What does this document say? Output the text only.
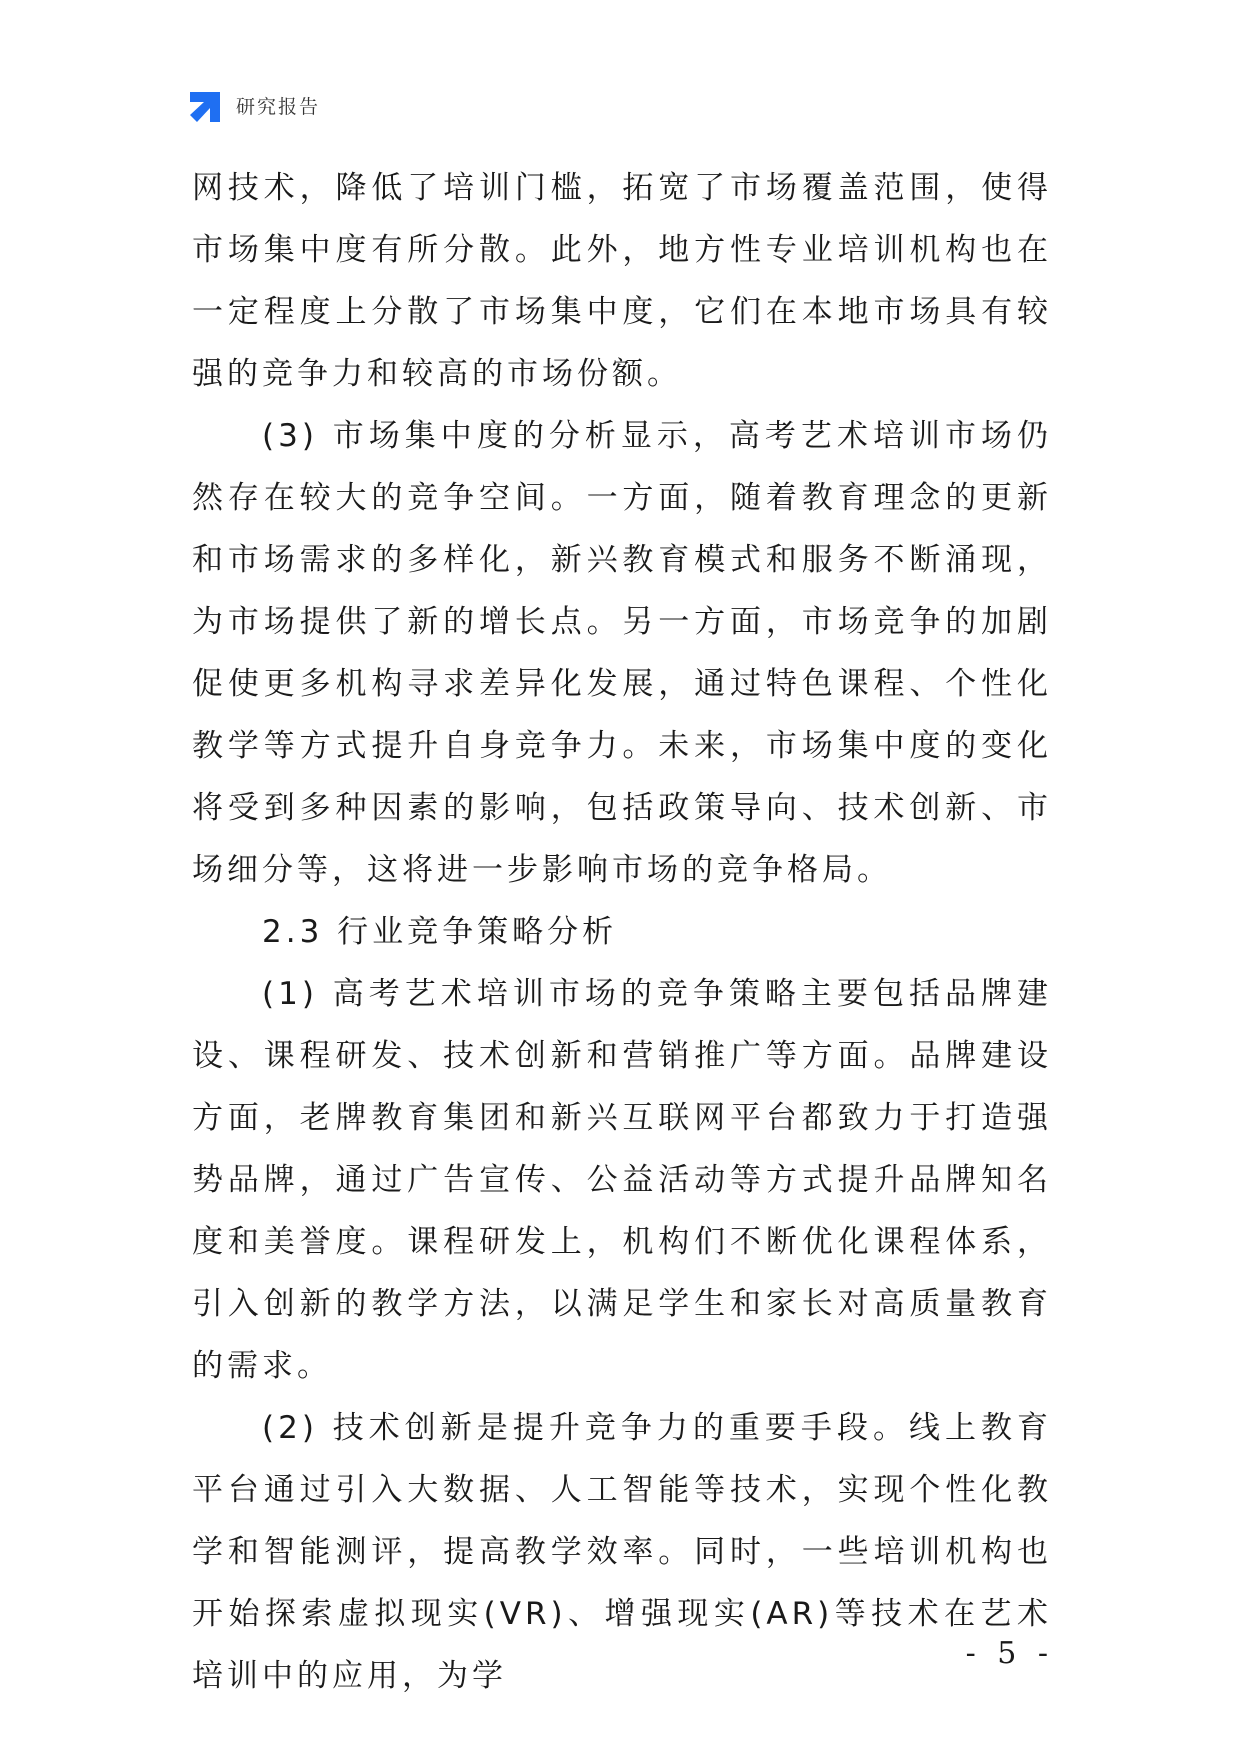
研究报告

网技术，降低了培训门槛，拓宽了市场覆盖范围，使得市场集中度有所分散。此外，地方性专业培训机构也在一定程度上分散了市场集中度，它们在本地市场具有较强的竞争力和较高的市场份额。

(3) 市场集中度的分析显示，高考艺术培训市场仍然存在较大的竞争空间。一方面，随着教育理念的更新和市场需求的多样化，新兴教育模式和服务不断涌现，为市场提供了新的增长点。另一方面，市场竞争的加剧促使更多机构寻求差异化发展，通过特色课程、个性化教学等方式提升自身竞争力。未来，市场集中度的变化将受到多种因素的影响，包括政策导向、技术创新、市场细分等，这将进一步影响市场的竞争格局。

2.3 行业竞争策略分析

(1) 高考艺术培训市场的竞争策略主要包括品牌建设、课程研发、技术创新和营销推广等方面。品牌建设方面，老牌教育集团和新兴互联网平台都致力于打造强势品牌，通过广告宣传、公益活动等方式提升品牌知名度和美誉度。课程研发上，机构们不断优化课程体系，引入创新的教学方法，以满足学生和家长对高质量教育的需求。

(2) 技术创新是提升竞争力的重要手段。线上教育平台通过引入大数据、人工智能等技术，实现个性化教学和智能测评，提高教学效率。同时，一些培训机构也开始探索虚拟现实(VR)、增强现实(AR)等技术在艺术培训中的应用，为学

- 5 -
